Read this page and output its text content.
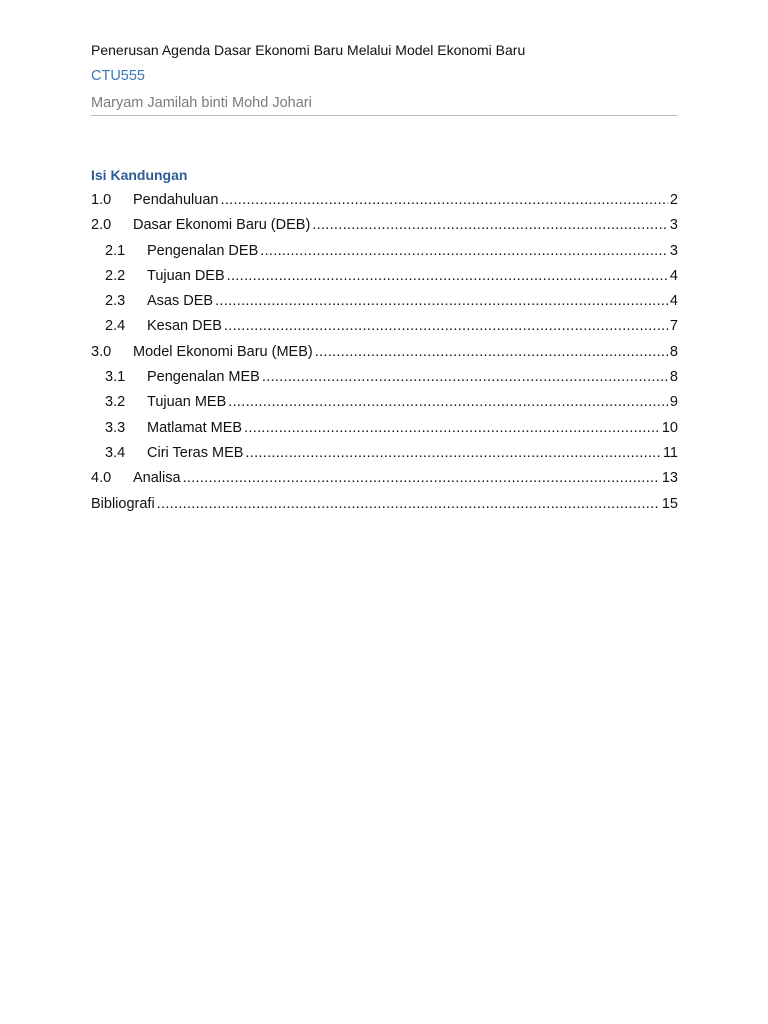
Penerusan Agenda Dasar Ekonomi Baru Melalui Model Ekonomi Baru
CTU555
Maryam Jamilah binti Mohd Johari
Isi Kandungan
1.0	Pendahuluan .....	2
2.0	Dasar Ekonomi Baru (DEB) .....	3
2.1	Pengenalan DEB .....	3
2.2	Tujuan DEB .....	4
2.3	Asas DEB .....	4
2.4	Kesan DEB .....	7
3.0	Model Ekonomi Baru (MEB) .....	8
3.1	Pengenalan MEB .....	8
3.2	Tujuan MEB .....	9
3.3	Matlamat MEB .....	10
3.4	Ciri Teras MEB .....	11
4.0	Analisa .....	13
Bibliografi .....	15
